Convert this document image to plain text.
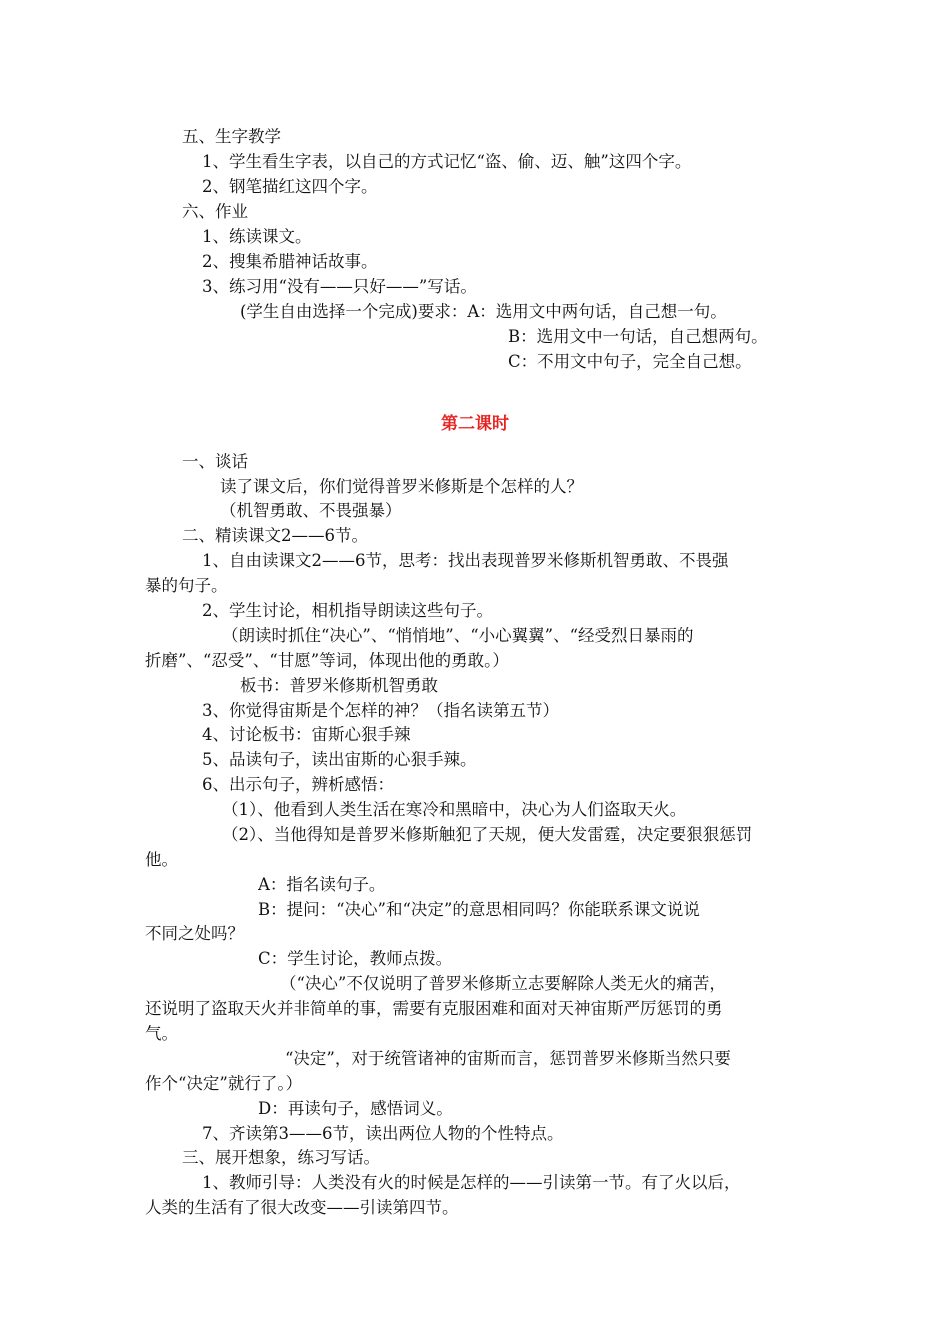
五、生字教学
1、学生看生字表，以自己的方式记忆“盗、偷、迈、触”这四个字。
2、钢笔描红这四个字。
六、作业
1、练读课文。
2、搜集希腊神话故事。
3、练习用“没有——只好——”写话。
(学生自由选择一个完成)要求：A：选用文中两句话，自己想一句。
B：选用文中一句话，自己想两句。
C：不用文中句子，完全自己想。
第二课时
一、谈话
读了课文后，你们觉得普罗米修斯是个怎样的人？
（机智勇敢、不畏强暴）
二、精读课文2——6节。
1、自由读课文2——6节，思考：找出表现普罗米修斯机智勇敢、不畏强
暴的句子。
2、学生讨论，相机指导朗读这些句子。
（朗读时抓住“决心”、“悄悄地”、“小心翼翼”、“经受烈日暴雨的
折磨”、“忍受”、“甘愿”等词，体现出他的勇敢。）
板书：普罗米修斯机智勇敢
3、你觉得宙斯是个怎样的神？（指名读第五节）
4、讨论板书：宙斯心狠手辣
5、品读句子，读出宙斯的心狠手辣。
6、出示句子，辨析感悟：
（1）、他看到人类生活在寒冷和黑暗中，决心为人们盗取天火。
（2）、当他得知是普罗米修斯触犯了天规，便大发雷霆，决定要狠狠惩罚
他。
A：指名读句子。
B：提问：“决心”和“决定”的意思相同吗？你能联系课文说说
不同之处吗？
C：学生讨论，教师点拨。
（“决心”不仅说明了普罗米修斯立志要解除人类无火的痛苦，
还说明了盗取天火并非简单的事，需要有克服困难和面对天神宙斯严厉惩罚的勇
气。
“决定”，对于统管诸神的宙斯而言，惩罚普罗米修斯当然只要
作个“决定”就行了。）
D：再读句子，感悟词义。
7、齐读第3——6节，读出两位人物的个性特点。
三、展开想象，练习写话。
1、教师引导：人类没有火的时候是怎样的——引读第一节。有了火以后，
人类的生活有了很大改变——引读第四节。
